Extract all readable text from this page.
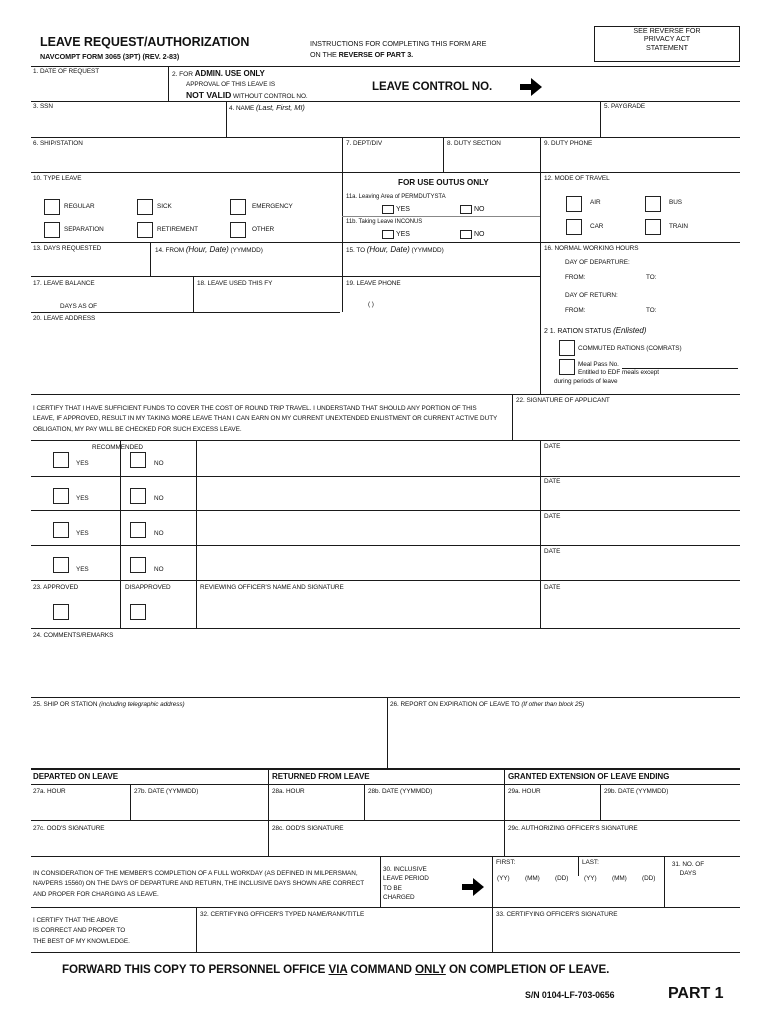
LEAVE REQUEST/AUTHORIZATION
NAVCOMPT FORM 3065 (3PT) (REV. 2-83)
INSTRUCTIONS FOR COMPLETING THIS FORM ARE
ON THE REVERSE OF PART 3.
SEE REVERSE FOR
PRIVACY ACT
STATEMENT
1. DATE OF REQUEST	2. FOR ADMIN. USE ONLY
APPROVAL OF THIS LEAVE IS
NOT VALID WITHOUT CONTROL NO.
LEAVE CONTROL NO.
3. SSN	4. NAME (Last, First, MI)	5. PAYGRADE
6. SHIP/STATION	7. DEPT/DIV	8. DUTY SECTION	9. DUTY PHONE
10. TYPE LEAVE
REGULAR	SICK	EMERGENCY
SEPARATION	RETIREMENT	OTHER
FOR USE OUTUS ONLY
11a. Leaving Area of PERMDUTYSTA
YES	NO
11b. Taking Leave INCONUS
YES	NO
12. MODE OF TRAVEL
AIR	BUS
CAR	TRAIN
13. DAYS REQUESTED	14. FROM (Hour, Date) (YYMMDD)	15. TO (Hour, Date) (YYMMDD)	16. NORMAL WORKING HOURS
DAY OF DEPARTURE:
FROM:	TO:
DAY OF RETURN:
FROM:	TO:
17. LEAVE BALANCE
DAYS AS OF
18. LEAVE USED THIS FY	19. LEAVE PHONE
( )
20. LEAVE ADDRESS
2 1. RATION STATUS (Enlisted)
COMMUTED RATIONS (COMRATS)
Meal Pass No.
Entitled to EDF meals except
during periods of leave
I CERTIFY THAT I HAVE SUFFICIENT FUNDS TO COVER THE COST OF ROUND TRIP TRAVEL. I UNDERSTAND THAT SHOULD ANY PORTION OF THIS
LEAVE, IF APPROVED, RESULT IN MY TAKING MORE LEAVE THAN I CAN EARN ON MY CURRENT UNEXTENDED ENLISTMENT OR CURRENT ACTIVE DUTY
OBLIGATION, MY PAY WILL BE CHECKED FOR SUCH EXCESS LEAVE.
22. SIGNATURE OF APPLICANT
RECOMMENDED
YES	NO
DATE
YES	NO
DATE
YES	NO
DATE
YES	NO
DATE
23. APPROVED	DISAPPROVED	REVIEWING OFFICER'S NAME AND SIGNATURE	DATE
24. COMMENTS/REMARKS
25. SHIP OR STATION (including telegraphic address)	26. REPORT ON EXPIRATION OF LEAVE TO (If other than block 25)
DEPARTED ON LEAVE	RETURNED FROM LEAVE	GRANTED EXTENSION OF LEAVE ENDING
27a. HOUR	27b. DATE (YYMMDD)	28a. HOUR	28b. DATE (YYMMDD)	29a. HOUR	29b. DATE (YYMMDD)
27c. OOD'S SIGNATURE	28c. OOD'S SIGNATURE	29c. AUTHORIZING OFFICER'S SIGNATURE
IN CONSIDERATION OF THE MEMBER'S COMPLETION OF A FULL WORKDAY (AS DEFINED IN MILPERSMAN,
NAVPERS 15560) ON THE DAYS OF DEPARTURE AND RETURN, THE INCLUSIVE DAYS SHOWN ARE CORRECT
AND PROPER FOR CHARGING AS LEAVE.
30. INCLUSIVE
LEAVE PERIOD
TO BE
CHARGED
FIRST:	LAST:
(YY) (MM) (DD) (YY) (MM) (DD)
31. NO. OF
DAYS
I CERTIFY THAT THE ABOVE
IS CORRECT AND PROPER TO
THE BEST OF MY KNOWLEDGE.
32. CERTIFYING OFFICER'S TYPED NAME/RANK/TITLE	33. CERTIFYING OFFICER'S SIGNATURE
FORWARD THIS COPY TO PERSONNEL OFFICE VIA COMMAND ONLY ON COMPLETION OF LEAVE.
S/N 0104-LF-703-0656	PART 1
